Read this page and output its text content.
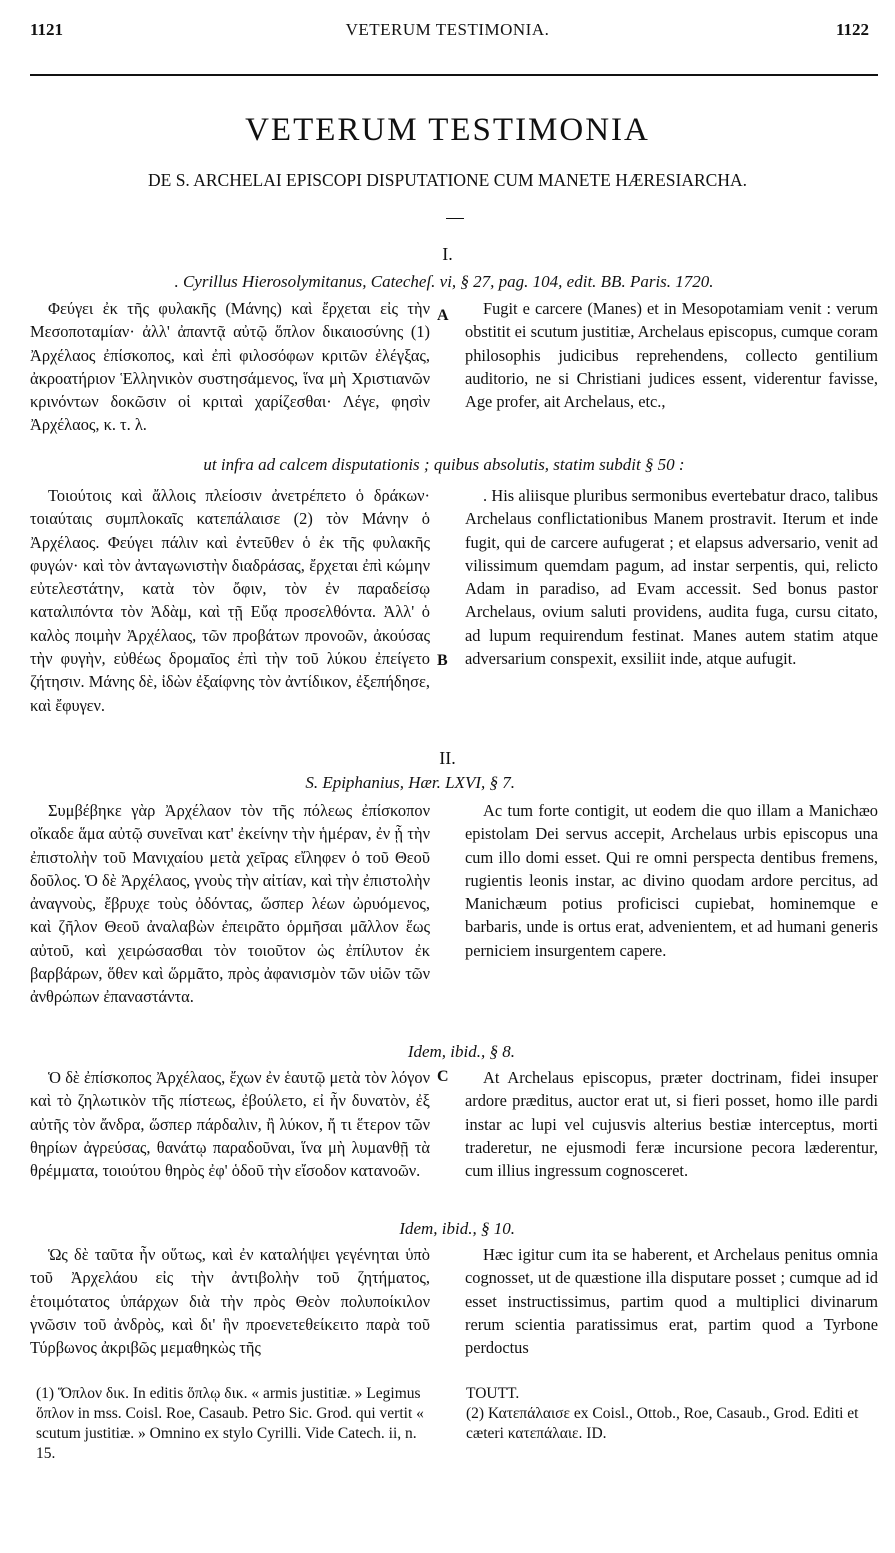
1121	VETERUM TESTIMONIA.	1122
VETERUM TESTIMONIA
DE S. ARCHELAI EPISCOPI DISPUTATIONE CUM MANETE HÆRESIARCHA.
I.
. Cyrillus Hierosolymitanus, Catecheſ. vi, § 27, pag. 104, edit. BB. Paris. 1720.

Φεύγει ἐκ τῆς φυλακῆς (Μάνης) καὶ ἔρχεται εἰς τὴν Μεσοποταμίαν· ἀλλ' ἀπαντᾷ αὐτῷ ὅπλον δικαιοσύνης (1) Ἀρχέλαος ἐπίσκοπος, καὶ ἐπὶ φιλοσόφων κριτῶν ἐλέγξας, ἀκροατήριον Ἑλληνικὸν συστησάμενος, ἵνα μὴ Χριστιανῶν κρινόντων δοκῶσιν οἱ κριταὶ χαρίζεσθαι· Λέγε, φησὶν Ἀρχέλαος, κ. τ. λ.

A	Fugit e carcere (Manes) et in Mesopotamiam venit : verum obstitit ei scutum justitiæ, Archelaus episcopus, cumque coram philosophis judicibus reprehendens, collecto gentilium auditorio, ne si Christiani judices essent, viderentur favisse, Age profer, ait Archelaus, etc.,

ut infra ad calcem disputationis ; quibus absolutis, statim subdit § 50 :

Τοιούτοις καὶ ἄλλοις πλείοσιν ἀνετρέπετο ὁ δράκων· τοιαύταις συμπλοκαῖς κατεπάλαισε (2) τὸν Μάνην ὁ Ἀρχέλαος. Φεύγει πάλιν καὶ ἐντεῦθεν ὁ ἐκ τῆς φυλακῆς φυγών· καὶ τὸν ἀνταγωνιστὴν διαδράσας, ἔρχεται ἐπὶ κώμην εὐτελεστάτην, κατὰ τὸν ὄφιν, τὸν ἐν παραδείσῳ καταλιπόντα τὸν Ἀδὰμ, καὶ τῇ Εὔᾳ προσελθόντα. Ἀλλ' ὁ καλὸς ποιμὴν Ἀρχέλαος, τῶν προβάτων προνοῶν, ἀκούσας τὴν φυγὴν, εὐθέως δρομαῖος ἐπὶ τὴν τοῦ λύκου ἐπείγετο ζήτησιν. Μάνης δὲ, ἰδὼν ἐξαίφνης τὸν ἀντίδικον, ἐξεπήδησε, καὶ ἔφυγεν.

B

. His aliisque pluribus sermonibus evertebatur draco, talibus Archelaus conflictationibus Manem prostravit. Iterum et inde fugit, qui de carcere aufugerat ; et elapsus adversario, venit ad vilissimum quemdam pagum, ad instar serpentis, qui, relicto Adam in paradiso, ad Evam accessit. Sed bonus pastor Archelaus, ovium saluti providens, audita fuga, cursu citato, ad lupum requirendum festinat. Manes autem statim atque adversarium conspexit, exsiliit inde, atque aufugit.

II.
S. Epiphanius, Hær. LXVI, § 7.

Συμβέβηκε γὰρ Ἀρχέλαον τὸν τῆς πόλεως ἐπίσκοπον οἴκαδε ἅμα αὐτῷ συνεῖναι κατ' ἐκείνην τὴν ἡμέραν, ἐν ᾗ τὴν ἐπιστολὴν τοῦ Μανιχαίου μετὰ χεῖρας εἴληφεν ὁ τοῦ Θεοῦ δοῦλος. Ὁ δὲ Ἀρχέλαος, γνοὺς τὴν αἰτίαν, καὶ τὴν ἐπιστολὴν ἀναγνοὺς, ἔβρυχε τοὺς ὀδόντας, ὥσπερ λέων ὠρυόμενος, καὶ ζῆλον Θεοῦ ἀναλαβὼν ἐπειρᾶτο ὁρμῆσαι μᾶλλον ἕως αὐτοῦ, καὶ χειρώσασθαι τὸν τοιοῦτον ὡς ἐπίλυτον ἐκ βαρβάρων, ὅθεν καὶ ὥρμᾶτο, πρὸς ἀφανισμὸν τῶν υἱῶν τῶν ἀνθρώπων ἐπαναστάντα.

Ac tum forte contigit, ut eodem die quo illam a Manichæo epistolam Dei servus accepit, Archelaus urbis episcopus una cum illo domi esset. Qui re omni perspecta dentibus fremens, rugientis leonis instar, ac divino quodam ardore percitus, ad Manichæum potius proficisci cupiebat, hominemque e barbaris, unde is ortus erat, advenientem, et ad humani generis perniciem insurgentem capere.

Idem, ibid., § 8.

Ὁ δὲ ἐπίσκοπος Ἀρχέλαος, ἔχων ἐν ἑαυτῷ μετὰ τὸν λόγον καὶ τὸ ζηλωτικὸν τῆς πίστεως, ἐβούλετο, εἰ ἦν δυνατὸν, ἐξ αὐτῆς τὸν ἄνδρα, ὥσπερ πάρδαλιν, ἢ λύκον, ἤ τι ἕτερον τῶν θηρίων ἀγρεύσας, θανάτῳ παραδοῦναι, ἵνα μὴ λυμανθῇ τὰ θρέμματα, τοιούτου θηρὸς ἐφ' ὁδοῦ τὴν εἴσοδον κατανοῶν.

C	At Archelaus episcopus, præter doctrinam, fidei insuper ardore præditus, auctor erat ut, si fieri posset, homo ille pardi instar ac lupi vel cujusvis alterius bestiæ interceptus, morti traderetur, ne ejusmodi feræ incursione pecora læderentur, cum illius ingressum cognosceret.

Idem, ibid., § 10.

Ὡς δὲ ταῦτα ἦν οὕτως, καὶ ἐν καταλήψει γεγένηται ὑπὸ τοῦ Ἀρχελάου εἰς τὴν ἀντιβολὴν τοῦ ζητήματος, ἑτοιμότατος ὑπάρχων διὰ τὴν πρὸς Θεὸν πολυποίκιλον γνῶσιν τοῦ ἀνδρὸς, καὶ δι' ἣν προενετεθείκειτο παρὰ τοῦ Τύρβωνος ἀκριβῶς μεμαθηκὼς τῆς

Hæc igitur cum ita se haberent, et Archelaus penitus omnia cognosset, ut de quæstione illa disputare posset ; cumque ad id esset instructissimus, partim quod a multiplici divinarum rerum scientia paratissimus erat, partim quod a Tyrbone perdoctus

(1) Ὅπλον δικ. In editis ὅπλῳ δικ. « armis justitiæ. » Legimus ὅπλον in mss. Coisl. Roe, Casaub. Petro Sic. Grod. qui vertit « scutum justitiæ. » Omnino ex stylo Cyrilli. Vide Catech. ii, n. 15.
TOUTT.
(2) Κατεπάλαισε ex Coisl., Ottob., Roe, Casaub., Grod. Editi et cæteri κατεπάλαιε. ID.
